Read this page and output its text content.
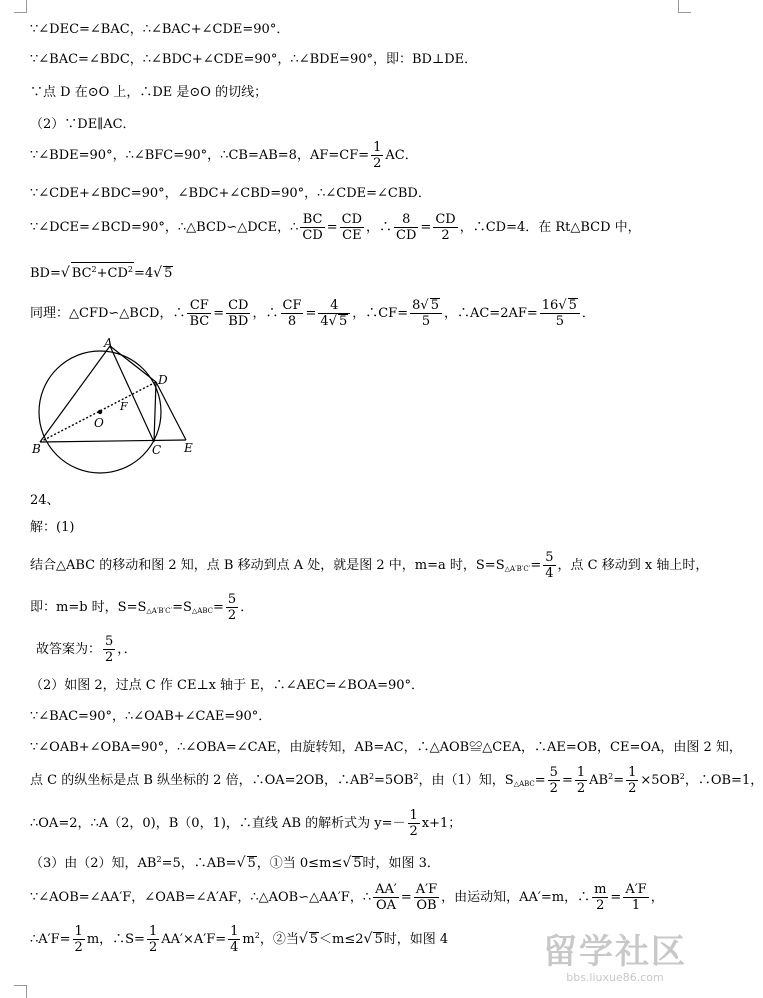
∵∠DEC=∠BAC，∴∠BAC+∠CDE=90°．
∵∠BAC=∠BDC，∴∠BDC+∠CDE=90°，∴∠BDE=90°，即：BD⊥DE．
∵点 D 在⊙O 上，∴DE 是⊙O 的切线；
（2）∵DE∥AC．
∵∠BDE=90°，∴∠BFC=90°，∴CB=AB=8，$AF=CF= \frac{1}{2}$ AC．
∵∠CDE+∠BDC=90°，∠BDC+∠CBD=90°，∴∠CDE=∠CBD．
∵∠DCE=∠BCD=90°，∴△BCD∽△DCE，∴ $\frac{BC}{CD} = \frac{CD}{CE}$ ，∴ $\frac{8}{CD} = \frac{CD}{2}$ ，∴CD=4．在 Rt△BCD 中，
BD=√ $BC^2+CD^2=4√$ 5
同理：△CFD∽△BCD，∴ $\frac{CF}{BC} = \frac{CD}{BD}$ ，∴ $\frac{CF}{8} = \frac{4}{4√ 5}$ ，∴CF= $\frac{8√ 5}{5}$ ，∴AC=2AF= $\frac{16√ 5}{5}$ ．
A
D
F
O
B	C E
24、
解：(1)
结合△ABC 的移动和图 2 知，点 B 移动到点 A 处，就是图 2 中，m=a 时，$S=S_{\triangle A'B'C'}= \frac{5}{4}$ ，点 C 移动到 x 轴上时，
即：m=b 时，$S=S_{\triangle A'B'C'}=S_{\triangle ABC}= \frac{5}{2}$ ．
故答案为： $\frac{5}{2}$ ，．
（2）如图 2，过点 C 作 CE⊥x 轴于 E，∴∠AEC=∠BOA=90°．
∵∠BAC=90°，∴∠OAB+∠CAE=90°．
∵∠OAB+∠OBA=90°，∴∠OBA=∠CAE，由旋转知，AB=AC，∴△AOB≌△CEA，∴AE=OB，CE=OA，由图 2 知，
点 C 的纵坐标是点 B 纵坐标的 2 倍，∴OA=2OB，$\therefore AB^2=5OB^2$，由（1）知，$S_{\triangle ABC}= \frac{5}{2} = \frac{1}{2} AB^2= \frac{1}{2} \times 5OB^2$，∴OB=1，
∴OA=2，∴A（2，0)，B（0，1)，∴直线 AB 的解析式为 $y=- \frac{1}{2} x+1$；
（3）由（2）知，$AB^2=5$，∴AB=√ 5，①当 0≤m≤√ 5时，如图 3．
∵∠AOB=∠AA′F，∠OAB=∠A′AF，∴△AOB∽△AA′F，∴ $\frac{AA'}{OA} = \frac{A'F}{OB}$ ，由运动知，AA′=m，∴ $\frac{m}{2} = \frac{A'F}{1}$ ，
∴A′F= $\frac{1}{2}$ m，∴S= $\frac{1}{2} AA'\times A'F= \frac{1}{4} m^2$，②当√ 5＜m≤2√ 5时，如图 4	留学社区
bbs.liuxue86.com
